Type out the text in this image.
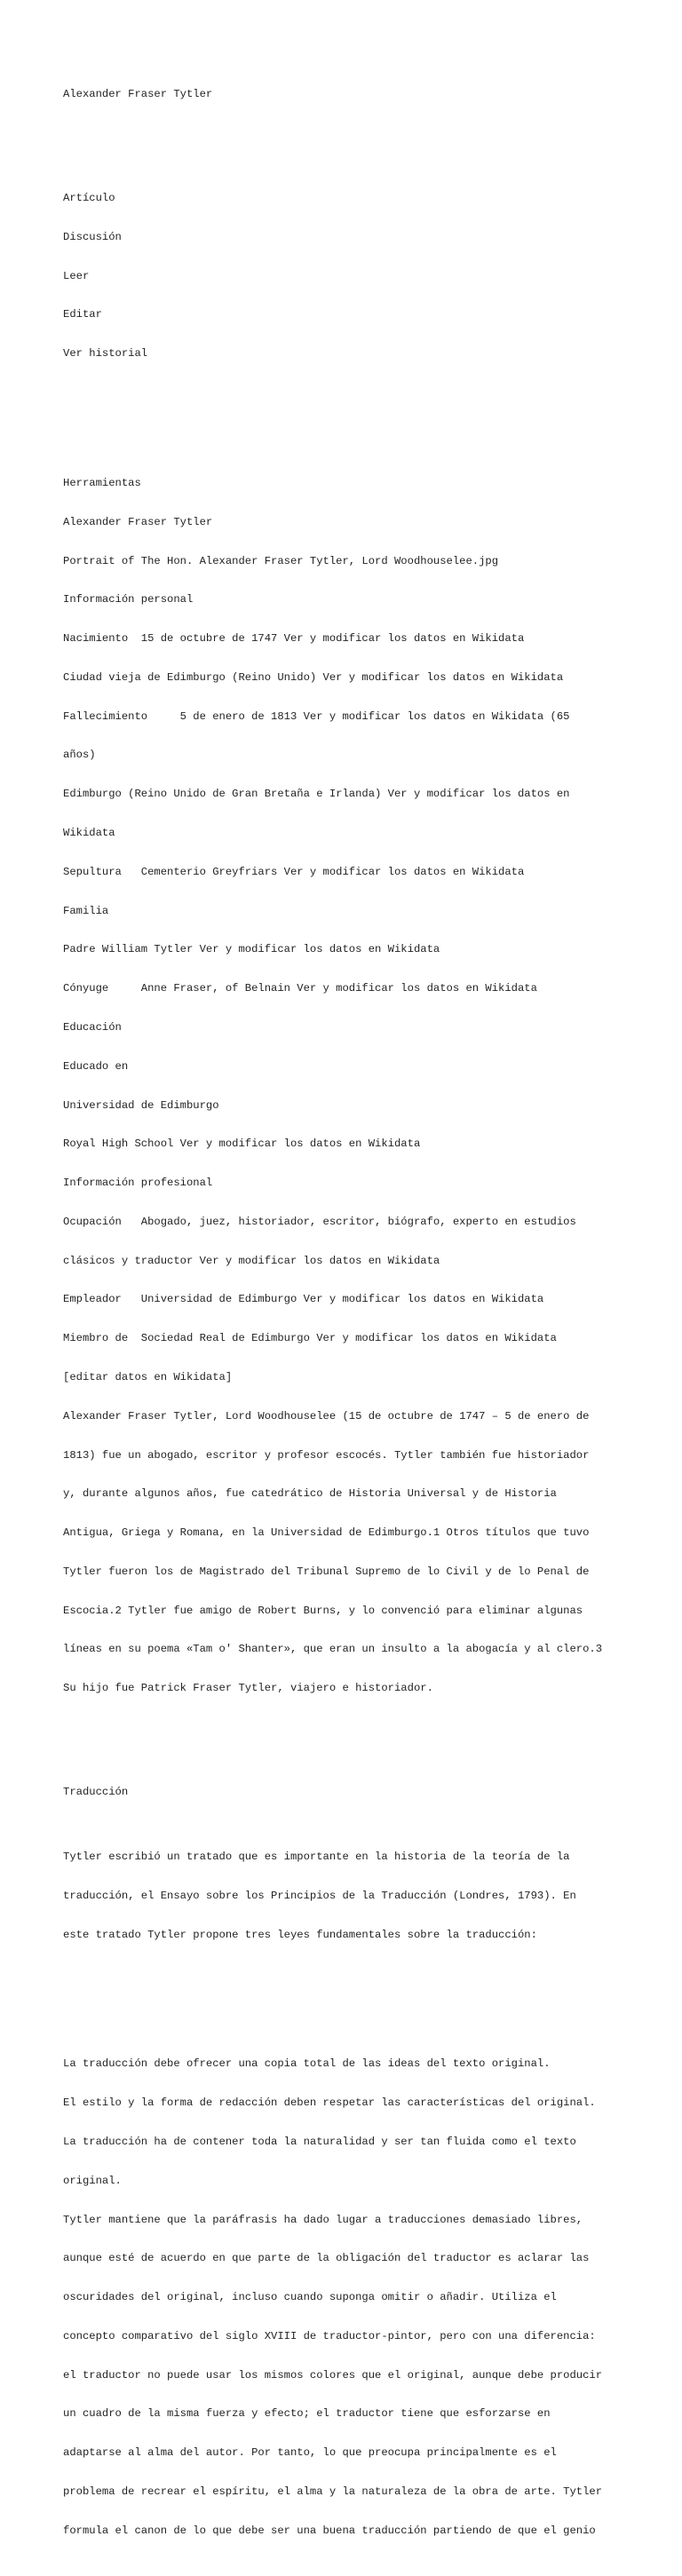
Alexander Fraser Tytler

Artículo

Discusión

Leer

Editar

Ver historial

Herramientas

Alexander Fraser Tytler

Portrait of The Hon. Alexander Fraser Tytler, Lord Woodhouselee.jpg

Información personal

Nacimiento  15 de octubre de 1747 Ver y modificar los datos en Wikidata

Ciudad vieja de Edimburgo (Reino Unido) Ver y modificar los datos en Wikidata

Fallecimiento     5 de enero de 1813 Ver y modificar los datos en Wikidata (65

años)

Edimburgo (Reino Unido de Gran Bretaña e Irlanda) Ver y modificar los datos en

Wikidata

Sepultura   Cementerio Greyfriars Ver y modificar los datos en Wikidata

Familia

Padre William Tytler Ver y modificar los datos en Wikidata

Cónyuge     Anne Fraser, of Belnain Ver y modificar los datos en Wikidata

Educación

Educado en

Universidad de Edimburgo

Royal High School Ver y modificar los datos en Wikidata

Información profesional

Ocupación   Abogado, juez, historiador, escritor, biógrafo, experto en estudios

clásicos y traductor Ver y modificar los datos en Wikidata

Empleador   Universidad de Edimburgo Ver y modificar los datos en Wikidata

Miembro de  Sociedad Real de Edimburgo Ver y modificar los datos en Wikidata

[editar datos en Wikidata]

Alexander Fraser Tytler, Lord Woodhouselee (15 de octubre de 1747 – 5 de enero de

1813) fue un abogado, escritor y profesor escocés. Tytler también fue historiador

y, durante algunos años, fue catedrático de Historia Universal y de Historia

Antigua, Griega y Romana, en la Universidad de Edimburgo.1 Otros títulos que tuvo

Tytler fueron los de Magistrado del Tribunal Supremo de lo Civil y de lo Penal de

Escocia.2 Tytler fue amigo de Robert Burns, y lo convenció para eliminar algunas

líneas en su poema «Tam o' Shanter», que eran un insulto a la abogacía y al clero.3

Su hijo fue Patrick Fraser Tytler, viajero e historiador.

Traducción

Tytler escribió un tratado que es importante en la historia de la teoría de la

traducción, el Ensayo sobre los Principios de la Traducción (Londres, 1793). En

este tratado Tytler propone tres leyes fundamentales sobre la traducción:

La traducción debe ofrecer una copia total de las ideas del texto original.

El estilo y la forma de redacción deben respetar las características del original.

La traducción ha de contener toda la naturalidad y ser tan fluida como el texto

original.

Tytler mantiene que la paráfrasis ha dado lugar a traducciones demasiado libres,

aunque esté de acuerdo en que parte de la obligación del traductor es aclarar las

oscuridades del original, incluso cuando suponga omitir o añadir. Utiliza el

concepto comparativo del siglo XVIII de traductor-pintor, pero con una diferencia:

el traductor no puede usar los mismos colores que el original, aunque debe producir

un cuadro de la misma fuerza y efecto; el traductor tiene que esforzarse en

adaptarse al alma del autor. Por tanto, lo que preocupa principalmente es el

problema de recrear el espíritu, el alma y la naturaleza de la obra de arte. Tytler

formula el canon de lo que debe ser una buena traducción partiendo de que el genio
